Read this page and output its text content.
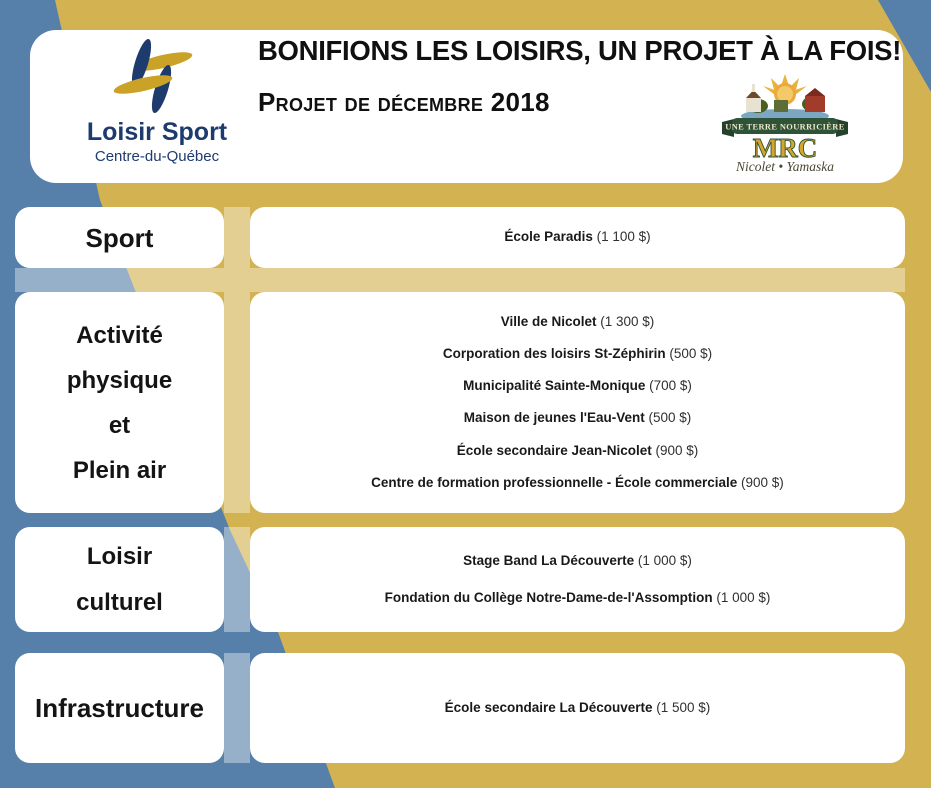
Loisir Sport
Centre-du-Québec
BONIFIONS LES LOISIRS, UN PROJET À LA FOIS!
Projet de décembre 2018
UNE TERRE NOURRICIÈRE
MRC
Nicolet • Yamaska
Sport	École Paradis (1 100 $)
Activité
physique
et
Plein air
Ville de Nicolet (1 300 $)
Corporation des loisirs St-Zéphirin (500 $)
Municipalité Sainte-Monique (700 $)
Maison de jeunes l'Eau-Vent (500 $)
École secondaire Jean-Nicolet (900 $)
Centre de formation professionnelle - École commerciale (900 $)
Loisir
culturel
Stage Band La Découverte (1 000 $)
Fondation du Collège Notre-Dame-de-l'Assomption (1 000 $)
Infrastructure	École secondaire La Découverte (1 500 $)
